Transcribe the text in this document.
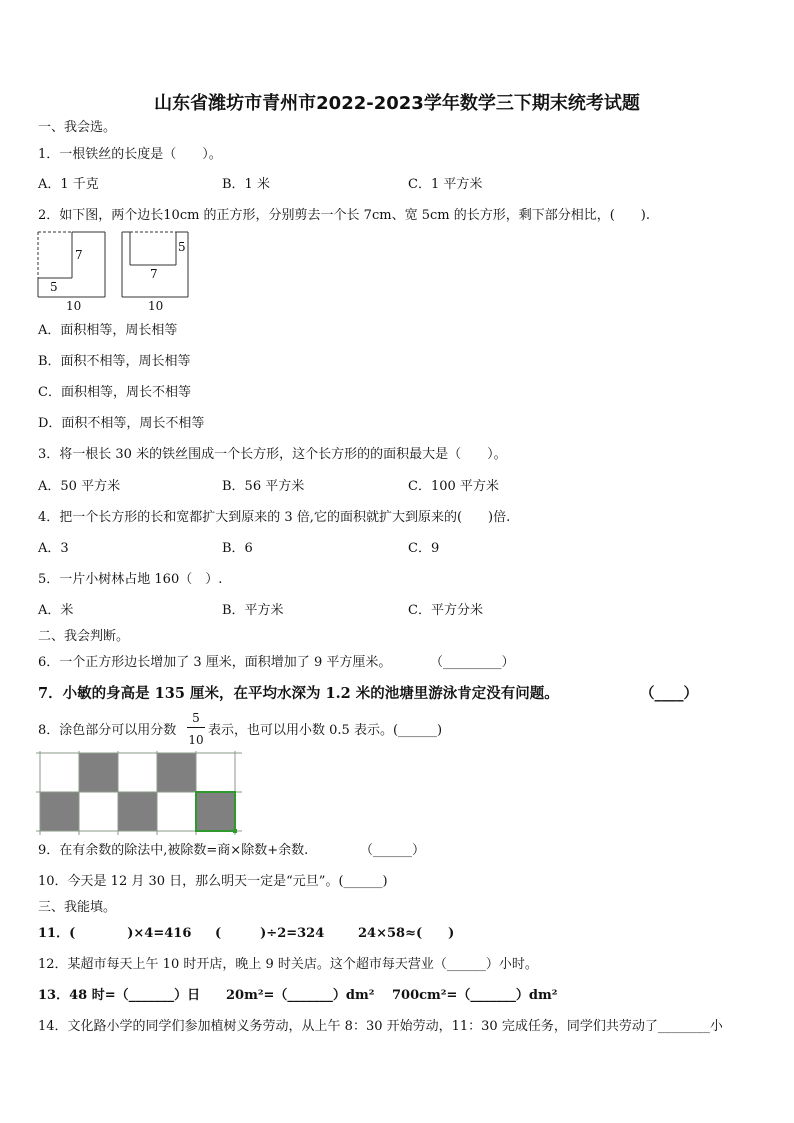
山东省潍坊市青州市2022-2023学年数学三下期末统考试题
一、我会选。
1．一根铁丝的长度是（　　）。
A．1 千克	B．1 米	C．1 平方米
2．如下图，两个边长10cm 的正方形，分别剪去一个长 7cm、宽 5cm 的长方形，剩下部分相比，(　　).
7
5
10
5
7
10
A．面积相等，周长相等
B．面积不相等，周长相等
C．面积相等，周长不相等
D．面积不相等，周长不相等
3．将一根长 30 米的铁丝围成一个长方形，这个长方形的的面积最大是（　　）。
A．50 平方米	B．56 平方米	C．100 平方米
4．把一个长方形的长和宽都扩大到原来的 3 倍,它的面积就扩大到原来的(　　)倍.
A．3	B．6	C．9
5．一片小树林占地 160（　）.
A．米	B．平方米	C．平方分米
二、我会判断。
6．一个正方形边长增加了 3 厘米，面积增加了 9 平方厘米。	（_________）
7．小敏的身高是 135 厘米，在平均水深为 1.2 米的池塘里游泳肯定没有问题。	（____）
8．涂色部分可以用分数
5
10
表示，也可以用小数 0.5 表示。(______)
9．在有余数的除法中,被除数=商×除数+余数.	（______）
10．今天是 12 月 30 日，那么明天一定是“元旦”。(______)
三、我能填。
11．(　　　　)×4=416 (　　　)÷2=324	24×58≈(　　)
12．某超市每天上午 10 时开店，晚上 9 时关店。这个超市每天营业（______）小时。
13．48 时=（_______）日 20m²=（_______）dm² 700cm²=（_______）dm²
14．文化路小学的同学们参加植树义务劳动，从上午 8：30 开始劳动，11：30 完成任务，同学们共劳动了________小
